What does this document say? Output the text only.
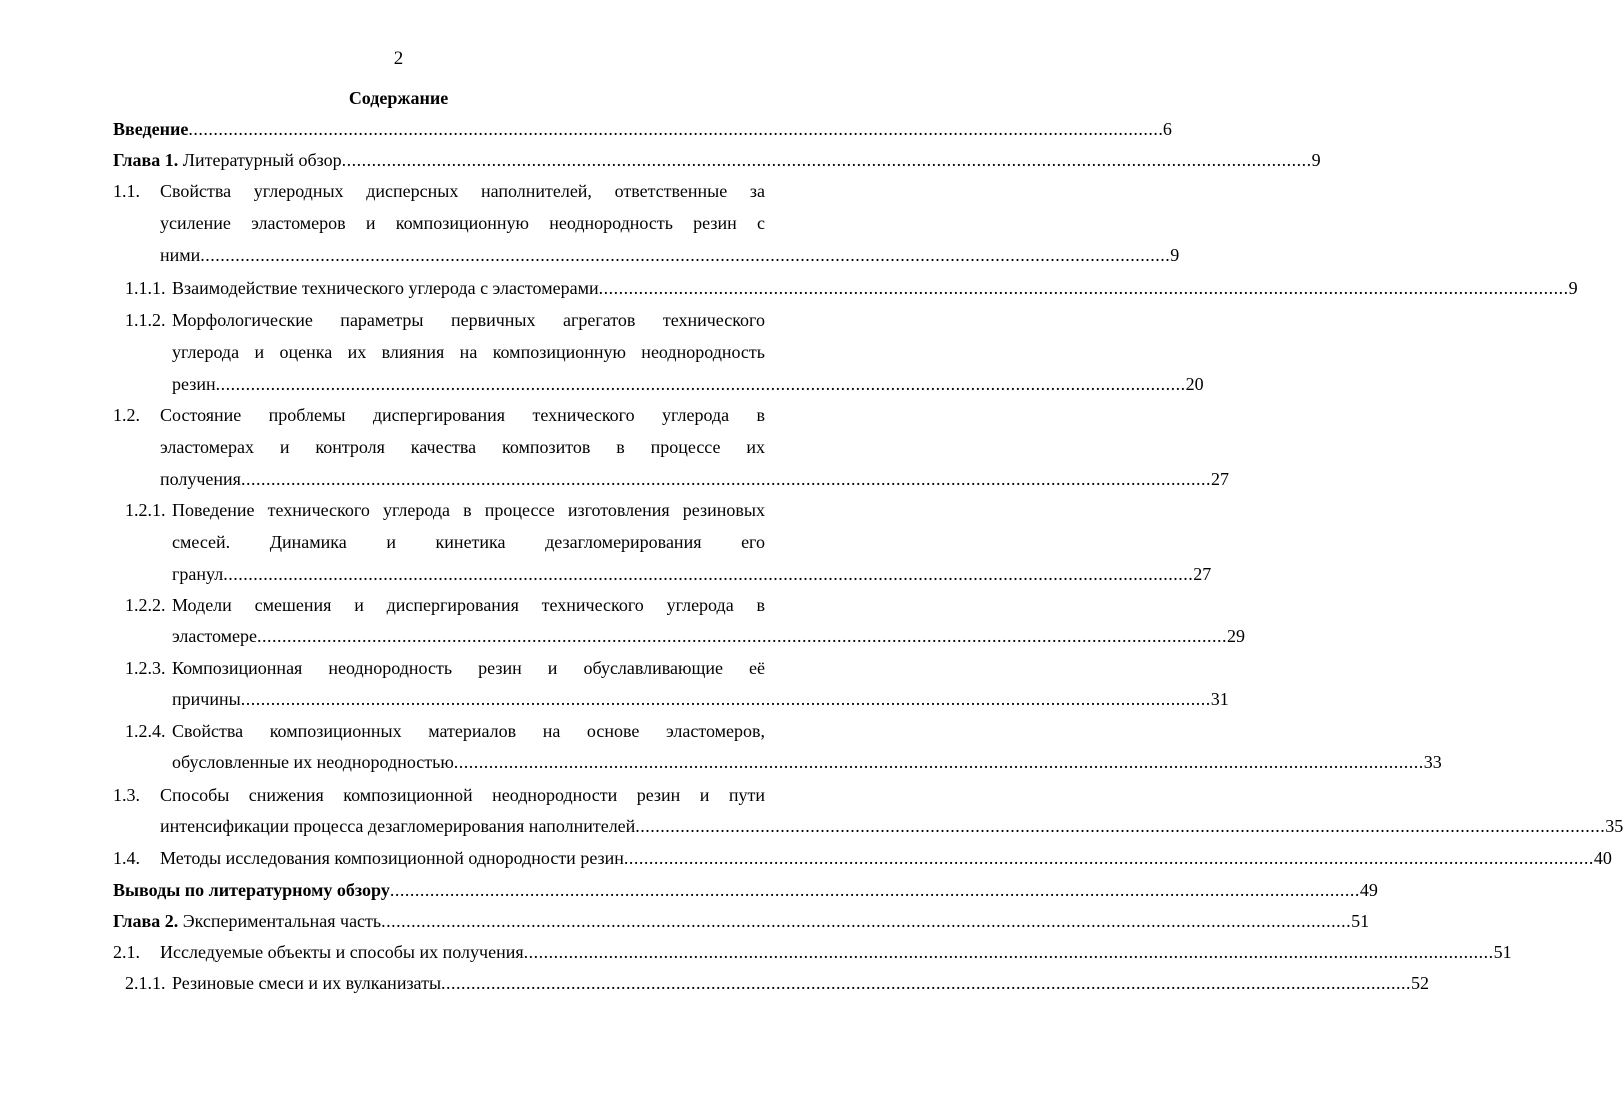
2
Содержание
Введение .................................................................................................................................................................................................. .6
Глава 1. Литературный обзор .................................................................................................................................................................................................. 9
1.1. Свойства углеродных дисперсных наполнителей, ответственные за
усиление эластомеров и композиционную неоднородность резин с
ними .................................................................................................................................................................................................. 9
1.1.1. Взаимодействие технического углерода с эластомерами .................................................................................................................................................................................................. 9
1.1.2. Морфологические параметры первичных агрегатов технического
углерода и оценка их влияния на композиционную неоднородность
резин .................................................................................................................................................................................................. 20
1.2. Состояние проблемы диспергирования технического углерода в
эластомерах и контроля качества композитов в процессе их
получения .................................................................................................................................................................................................. 27
1.2.1. Поведение технического углерода в процессе изготовления резиновых
смесей. Динамика и кинетика дезагломерирования его
гранул .................................................................................................................................................................................................. 27
1.2.2. Модели смешения и диспергирования технического углерода в
эластомере .................................................................................................................................................................................................. 29
1.2.3. Композиционная неоднородность резин и обуславливающие её
причины .................................................................................................................................................................................................. 31
1.2.4. Свойства композиционных материалов на основе эластомеров,
обусловленные их неоднородностью .................................................................................................................................................................................................. 33
1.3. Способы снижения композиционной неоднородности резин и пути
интенсификации процесса дезагломерирования наполнителей .................................................................................................................................................................................................. 35
1.4. Методы исследования композиционной однородности резин .................................................................................................................................................................................................. 40
Выводы по литературному обзору .................................................................................................................................................................................................. 49
Глава 2. Экспериментальная часть .................................................................................................................................................................................................. 51
2.1. Исследуемые объекты и способы их получения .................................................................................................................................................................................................. 51
2.1.1. Резиновые смеси и их вулканизаты .................................................................................................................................................................................................. 52
